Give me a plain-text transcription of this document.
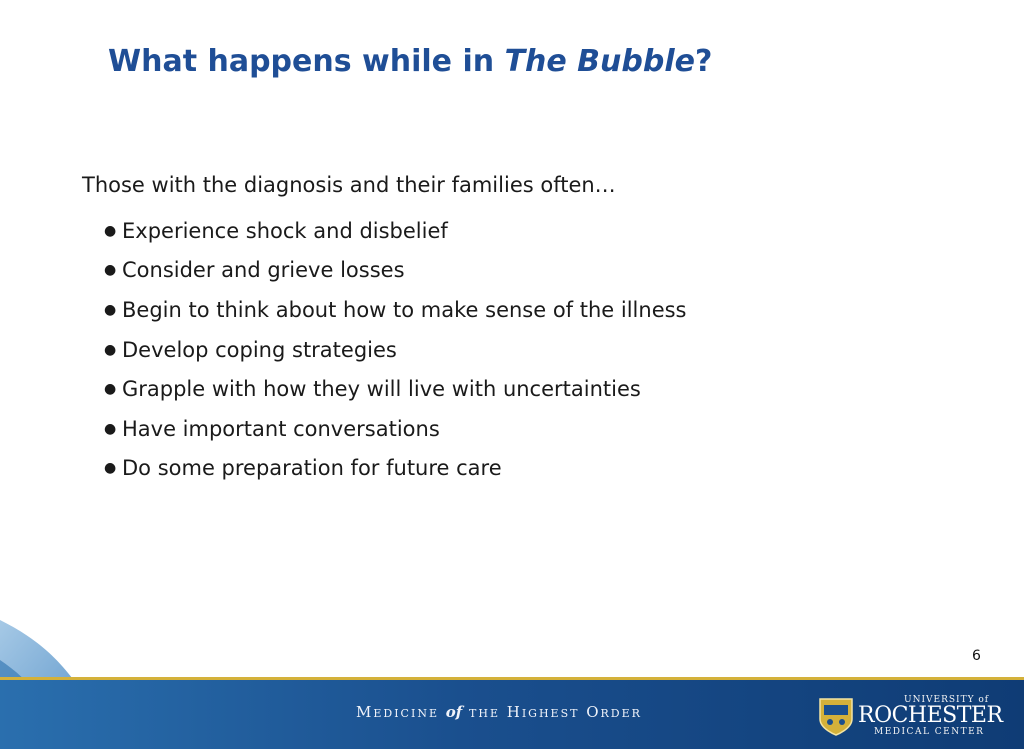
What happens while in The Bubble?
Those with the diagnosis and their families often…
● Experience shock and disbelief
● Consider and grieve losses
● Begin to think about how to make sense of the illness
● Develop coping strategies
● Grapple with how they will live with uncertainties
● Have important conversations
● Do some preparation for future care
6
Medicine of the Highest Order
UNIVERSITY of
ROCHESTER
MEDICAL CENTER
